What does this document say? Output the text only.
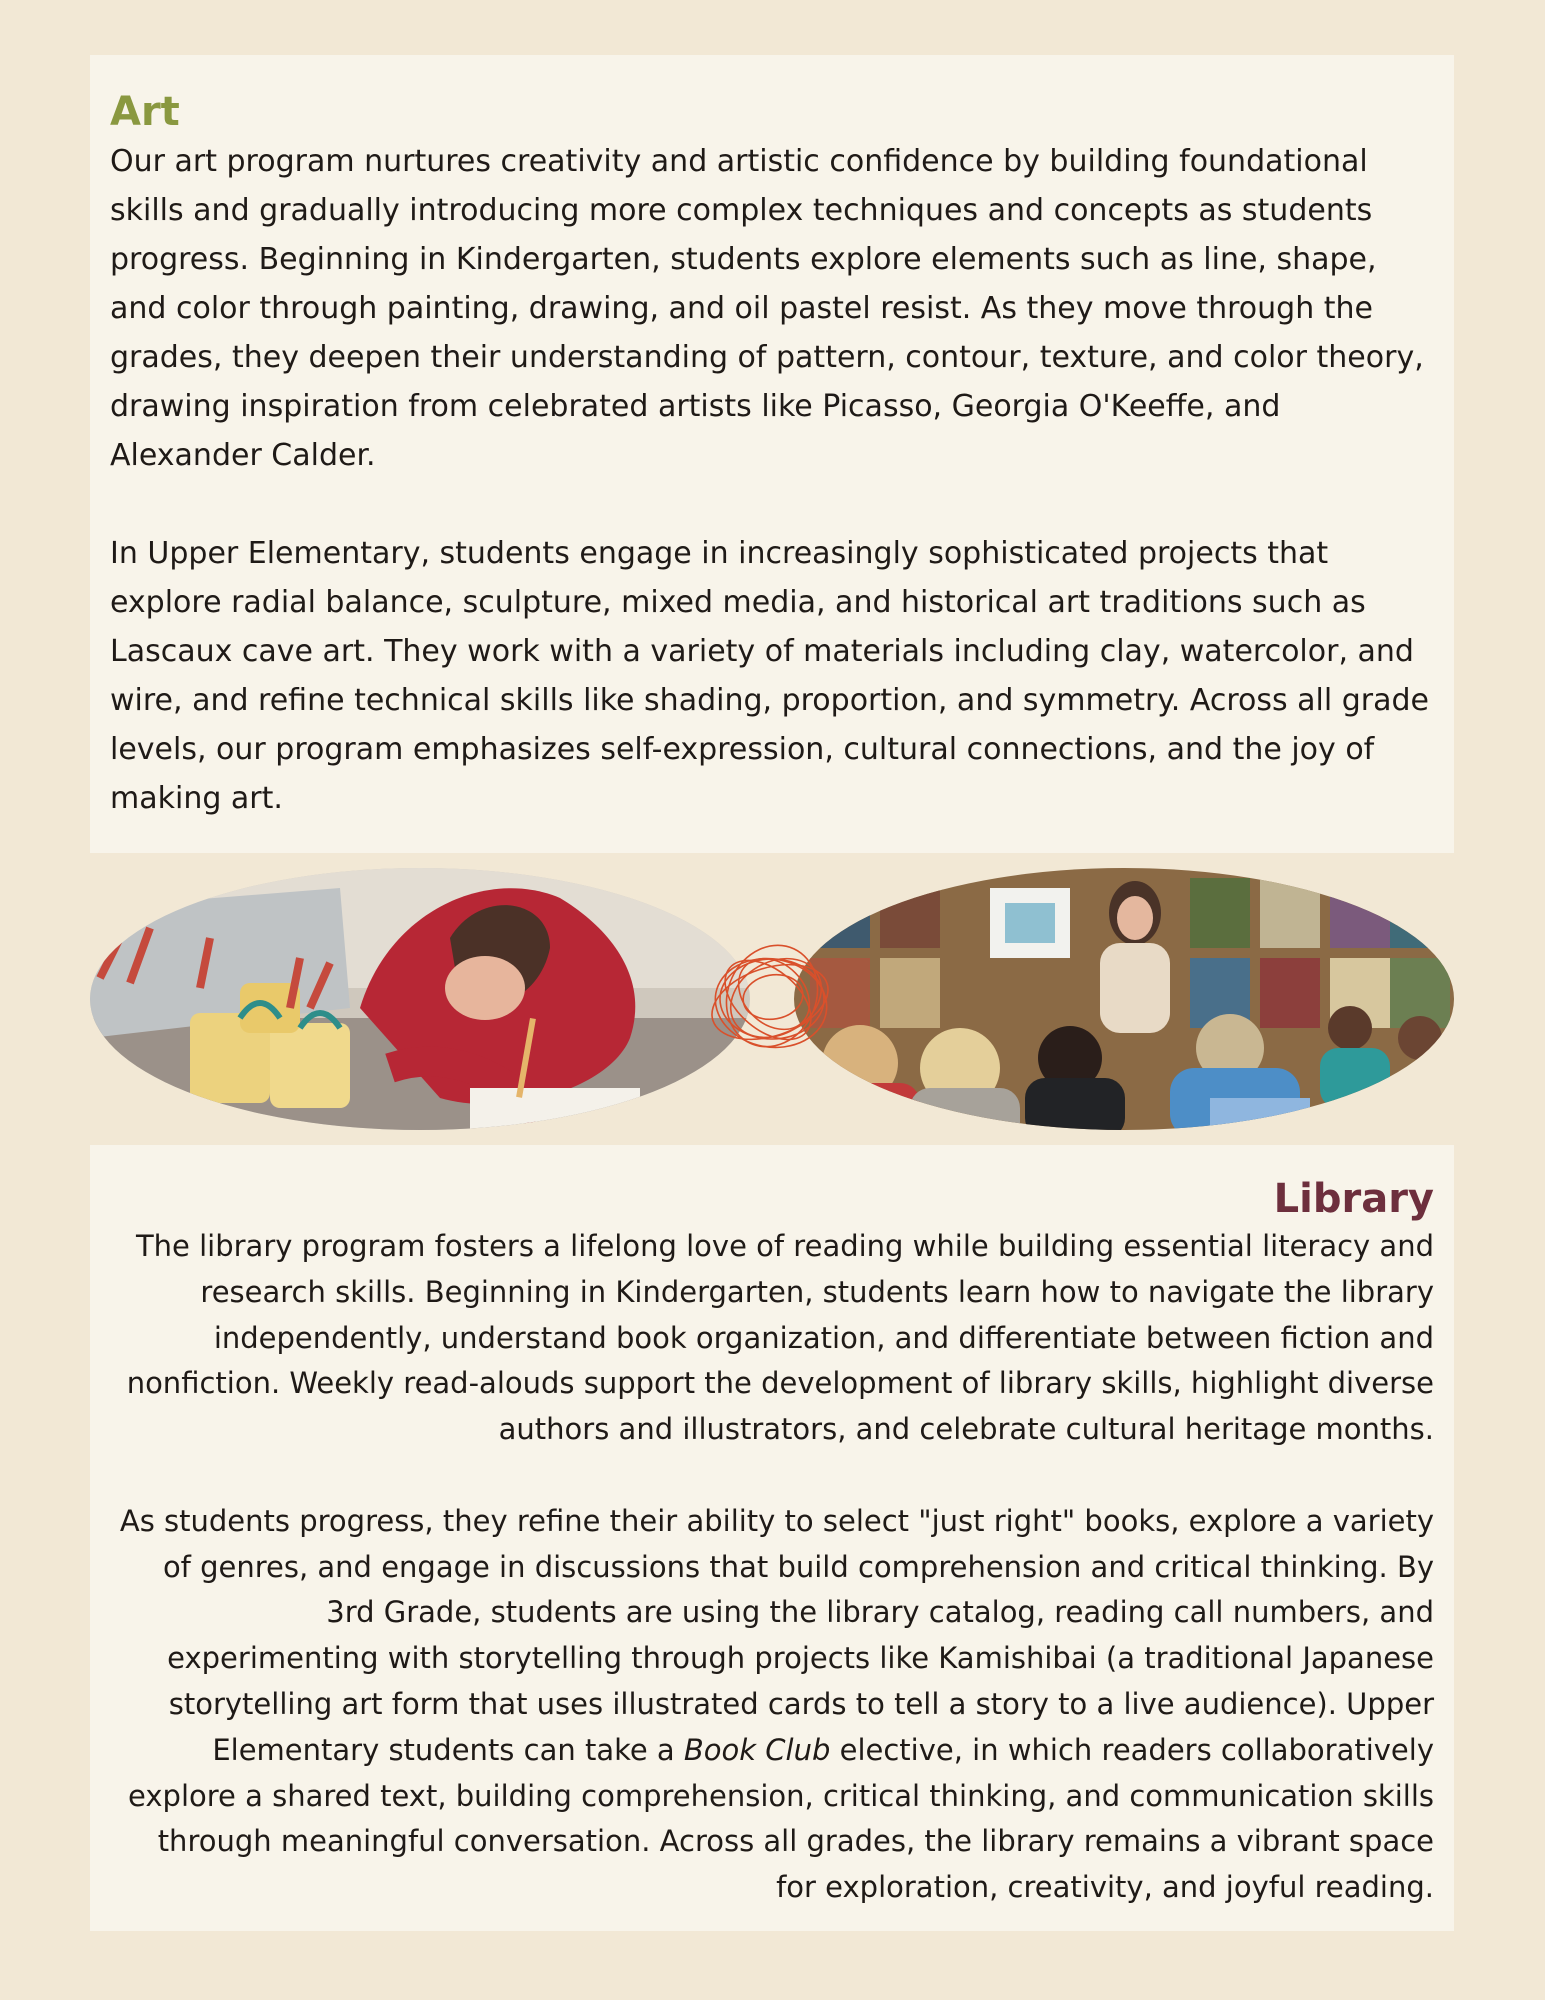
Art

Our art program nurtures creativity and artistic confidence by building foundational skills and gradually introducing more complex techniques and concepts as students progress. Beginning in Kindergarten, students explore elements such as line, shape, and color through painting, drawing, and oil pastel resist. As they move through the grades, they deepen their understanding of pattern, contour, texture, and color theory, drawing inspiration from celebrated artists like Picasso, Georgia O'Keeffe, and Alexander Calder.

In Upper Elementary, students engage in increasingly sophisticated projects that explore radial balance, sculpture, mixed media, and historical art traditions such as Lascaux cave art. They work with a variety of materials including clay, watercolor, and wire, and refine technical skills like shading, proportion, and symmetry. Across all grade levels, our program emphasizes self-expression, cultural connections, and the joy of making art.

Library

The library program fosters a lifelong love of reading while building essential literacy and research skills. Beginning in Kindergarten, students learn how to navigate the library independently, understand book organization, and differentiate between fiction and nonfiction. Weekly read-alouds support the development of library skills, highlight diverse authors and illustrators, and celebrate cultural heritage months.

As students progress, they refine their ability to select "just right" books, explore a variety of genres, and engage in discussions that build comprehension and critical thinking. By 3rd Grade, students are using the library catalog, reading call numbers, and experimenting with storytelling through projects like Kamishibai (a traditional Japanese storytelling art form that uses illustrated cards to tell a story to a live audience). Upper Elementary students can take a Book Club elective, in which readers collaboratively explore a shared text, building comprehension, critical thinking, and communication skills through meaningful conversation. Across all grades, the library remains a vibrant space for exploration, creativity, and joyful reading.
